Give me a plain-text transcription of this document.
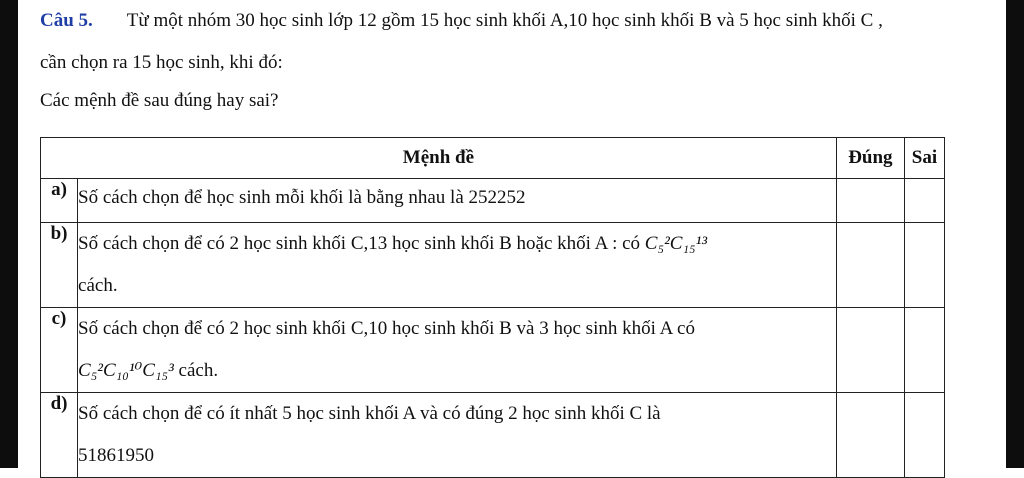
Câu 5. Từ một nhóm 30 học sinh lớp 12 gồm 15 học sinh khối A,10 học sinh khối B và 5 học sinh khối C ,
cần chọn ra 15 học sinh, khi đó:
Các mệnh đề sau đúng hay sai?
Mệnh đề		Đúng	Sai
a)	Số cách chọn để học sinh mỗi khối là bằng nhau là 252252		
b)	Số cách chọn để có 2 học sinh khối C,13 học sinh khối B hoặc khối A : có C₅²C₁₅¹³
cách.		
c)	Số cách chọn để có 2 học sinh khối C,10 học sinh khối B và 3 học sinh khối A có
C₅²C₁₀¹⁰C₁₅³ cách.		
d)	Số cách chọn để có ít nhất 5 học sinh khối A và có đúng 2 học sinh khối C là
51861950		
